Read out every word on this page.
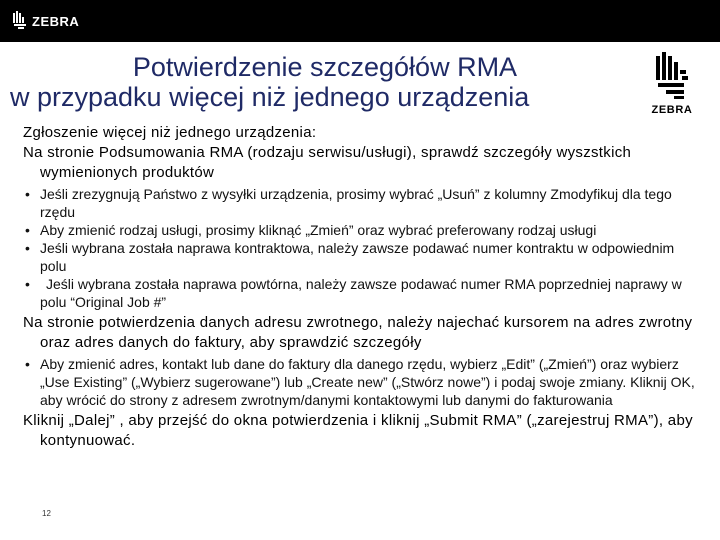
ZEBRA
Potwierdzenie szczegółów RMA
w przypadku więcej niż jednego urządzenia	ZEBRA
Zgłoszenie więcej niż jednego urządzenia:
Na stronie Podsumowania RMA (rodzaju serwisu/usługi), sprawdź szczegóły wyszstkich wymienionych produktów
• Jeśli zrezygnują Państwo z wysyłki urządzenia, prosimy wybrać „Usuń” z kolumny Zmodyfikuj dla tego rzędu
• Aby zmienić rodzaj usługi, prosimy kliknąć „Zmień” oraz wybrać preferowany rodzaj usługi
• Jeśli wybrana została naprawa kontraktowa, należy zawsze podawać numer kontraktu w odpowiednim polu
• Jeśli wybrana została naprawa powtórna, należy zawsze podawać numer RMA poprzedniej naprawy w polu “Original Job #”
Na stronie potwierdzenia danych adresu zwrotnego, należy najechać kursorem na adres zwrotny oraz adres danych do faktury, aby sprawdzić szczegóły
• Aby zmienić adres, kontakt lub dane do faktury dla danego rzędu, wybierz „Edit” („Zmień”) oraz wybierz „Use Existing” („Wybierz sugerowane”) lub „Create new” („Stwórz nowe”) i podaj swoje zmiany. Kliknij OK, aby wrócić do strony z adresem zwrotnym/danymi kontaktowymi lub danymi do fakturowania
Kliknij „Dalej” , aby przejść do okna potwierdzenia i kliknij „Submit RMA” („zarejestruj RMA”), aby kontynuować.
12
